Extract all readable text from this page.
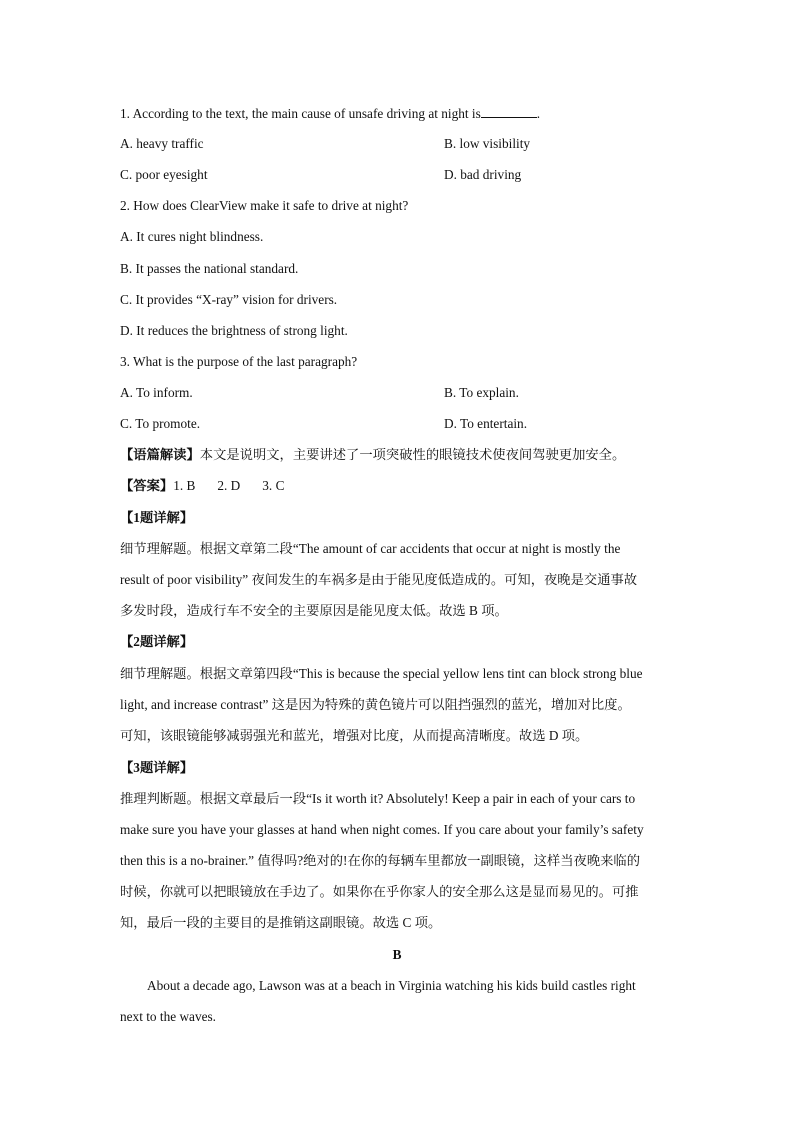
1. According to the text, the main cause of unsafe driving at night is	.
A. heavy traffic	B. low visibility
C. poor eyesight	D. bad driving
2. How does ClearView make it safe to drive at night?
A. It cures night blindness.
B. It passes the national standard.
C. It provides “X-ray” vision for drivers.
D. It reduces the brightness of strong light.
3. What is the purpose of the last paragraph?
A. To inform.	B. To explain.
C. To promote.	D. To entertain.
【语篇解读】本文是说明文，主要讲述了一项突破性的眼镜技术使夜间驾驶更加安全。
【答案】1. B 2. D 3. C
【1题详解】
细节理解题。根据文章第二段“The amount of car accidents that occur at night is mostly the
result of poor visibility” 夜间发生的车祸多是由于能见度低造成的。可知，夜晚是交通事故
多发时段，造成行车不安全的主要原因是能见度太低。故选 B 项。
【2题详解】
细节理解题。根据文章第四段“This is because the special yellow lens tint can block strong blue
light, and increase contrast” 这是因为特殊的黄色镜片可以阻挡强烈的蓝光，增加对比度。
可知，该眼镜能够减弱强光和蓝光，增强对比度，从而提高清晰度。故选 D 项。
【3题详解】
推理判断题。根据文章最后一段“Is it worth it? Absolutely! Keep a pair in each of your cars to
make sure you have your glasses at hand when night comes. If you care about your family’s safety
then this is a no-brainer.” 值得吗?绝对的!在你的每辆车里都放一副眼镜，这样当夜晚来临的
时候，你就可以把眼镜放在手边了。如果你在乎你家人的安全那么这是显而易见的。可推
知，最后一段的主要目的是推销这副眼镜。故选 C 项。
B
About a decade ago, Lawson was at a beach in Virginia watching his kids build castles right
next to the waves.
